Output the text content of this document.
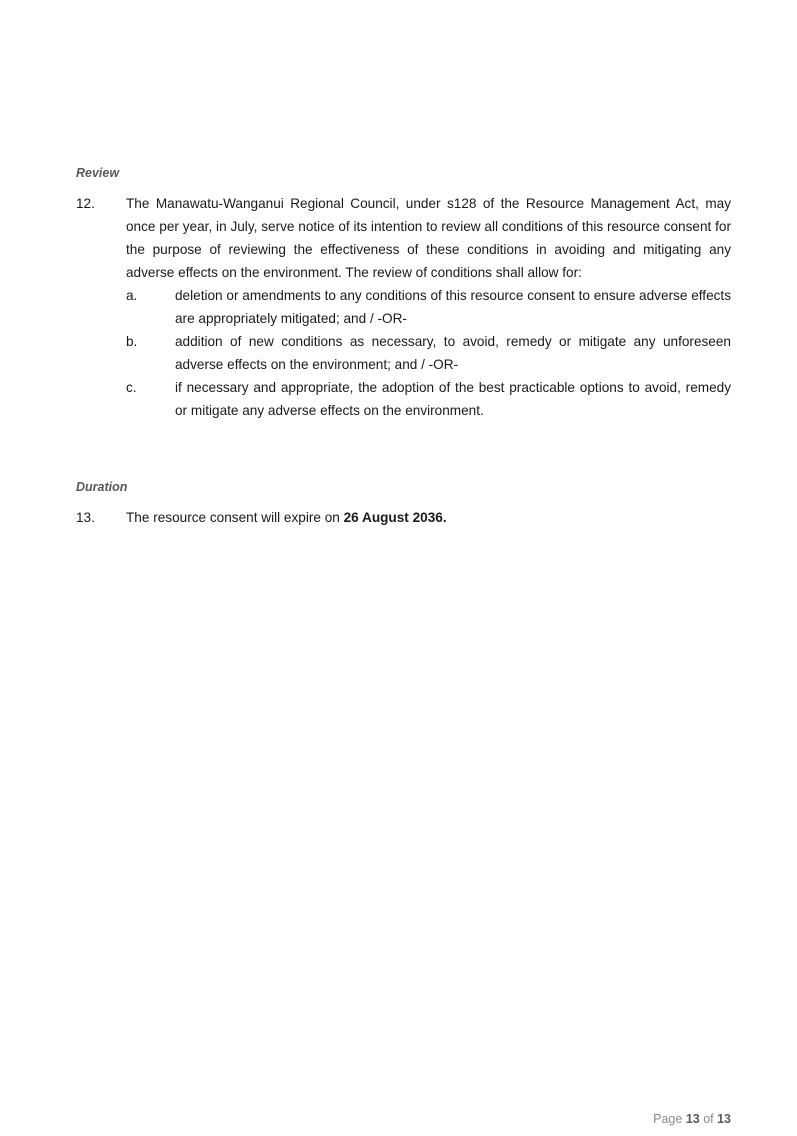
Review
12. The Manawatu-Wanganui Regional Council, under s128 of the Resource Management Act, may once per year, in July, serve notice of its intention to review all conditions of this resource consent for the purpose of reviewing the effectiveness of these conditions in avoiding and mitigating any adverse effects on the environment. The review of conditions shall allow for:
a.	deletion or amendments to any conditions of this resource consent to ensure adverse effects are appropriately mitigated; and / -OR-
b.	addition of new conditions as necessary, to avoid, remedy or mitigate any unforeseen adverse effects on the environment; and / -OR-
c.	if necessary and appropriate, the adoption of the best practicable options to avoid, remedy or mitigate any adverse effects on the environment.
Duration
13. The resource consent will expire on 26 August 2036.
Page 13 of 13
